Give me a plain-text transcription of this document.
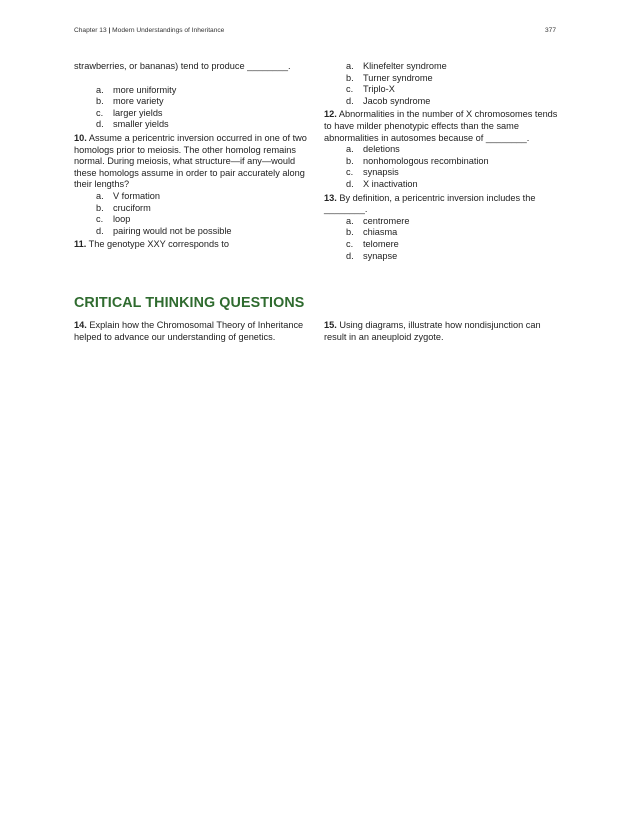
Chapter 13 | Modern Understandings of Inheritance	377

strawberries, or bananas) tend to produce ________.

a.	more uniformity
b.	more variety
c.	larger yields
d.	smaller yields

10. Assume a pericentric inversion occurred in one of two homologs prior to meiosis. The other homolog remains normal. During meiosis, what structure—if any—would these homologs assume in order to pair accurately along their lengths?

a.	V formation
b.	cruciform
c.	loop
d.	pairing would not be possible

11. The genotype XXY corresponds to

a.	Klinefelter syndrome
b.	Turner syndrome
c.	Triplo-X
d.	Jacob syndrome

12. Abnormalities in the number of X chromosomes tends to have milder phenotypic effects than the same abnormalities in autosomes because of ________.

a.	deletions
b.	nonhomologous recombination
c.	synapsis
d.	X inactivation

13. By definition, a pericentric inversion includes the ________.

a.	centromere
b.	chiasma
c.	telomere
d.	synapse
CRITICAL THINKING QUESTIONS

14. Explain how the Chromosomal Theory of Inheritance helped to advance our understanding of genetics.

15. Using diagrams, illustrate how nondisjunction can result in an aneuploid zygote.
